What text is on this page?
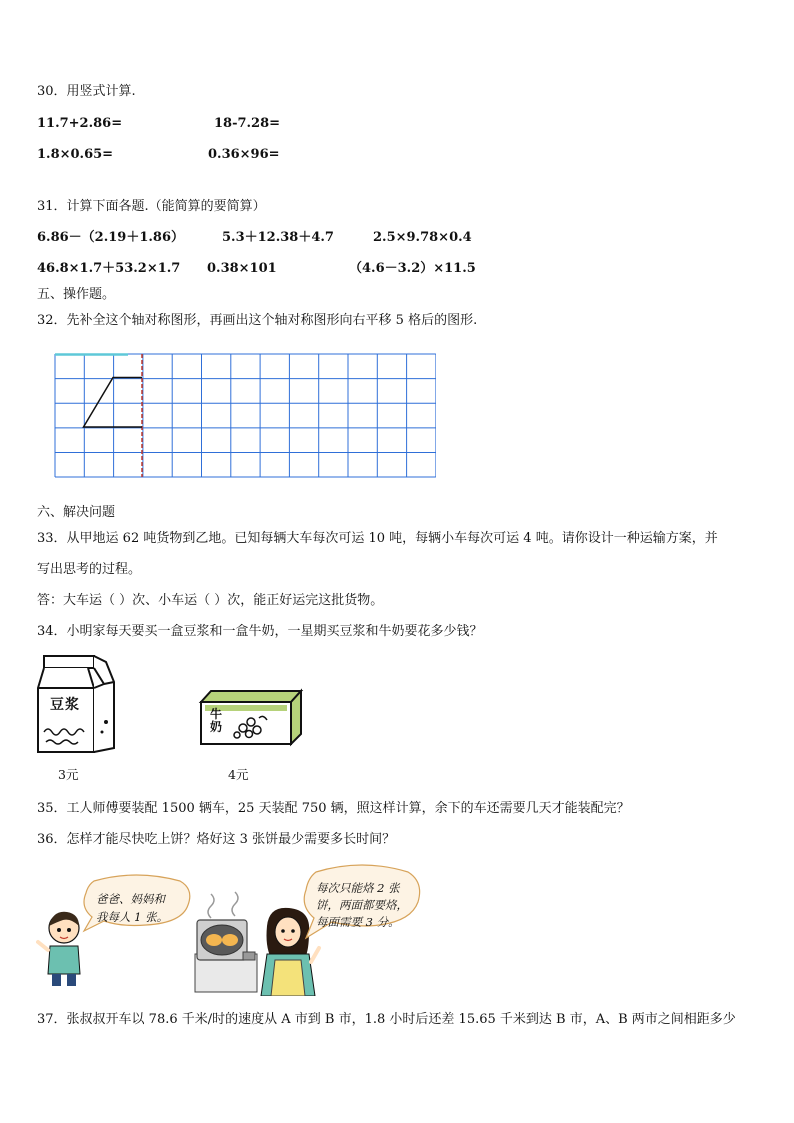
30．用竖式计算.
11.7+2.86=	18-7.28=
1.8×0.65=	0.36×96=
31．计算下面各题.（能简算的要简算）
6.86－（2.19＋1.86）	5.3＋12.38＋4.7	2.5×9.78×0.4
46.8×1.7＋53.2×1.7 0.38×101	（4.6－3.2）×11.5
五、操作题。
32．先补全这个轴对称图形，再画出这个轴对称图形向右平移 5 格后的图形.
六、解决问题
33．从甲地运 62 吨货物到乙地。已知每辆大车每次可运 10 吨，每辆小车每次可运 4 吨。请你设计一种运输方案，并
写出思考的过程。
答：大车运（ ）次、小车运（ ）次，能正好运完这批货物。
34．小明家每天要买一盒豆浆和一盒牛奶，一星期买豆浆和牛奶要花多少钱？
豆浆
3元
牛
奶
4元
35．工人师傅要装配 1500 辆车，25 天装配 750 辆，照这样计算，余下的车还需要几天才能装配完？
36．怎样才能尽快吃上饼？烙好这 3 张饼最少需要多长时间？
爸爸、妈妈和
我每人 1 张。
每次只能烙 2 张
饼，两面都要烙，
每面需要 3 分。
37．张叔叔开车以 78.6 千米/时的速度从 A 市到 B 市，1.8 小时后还差 15.65 千米到达 B 市，A、B 两市之间相距多少
